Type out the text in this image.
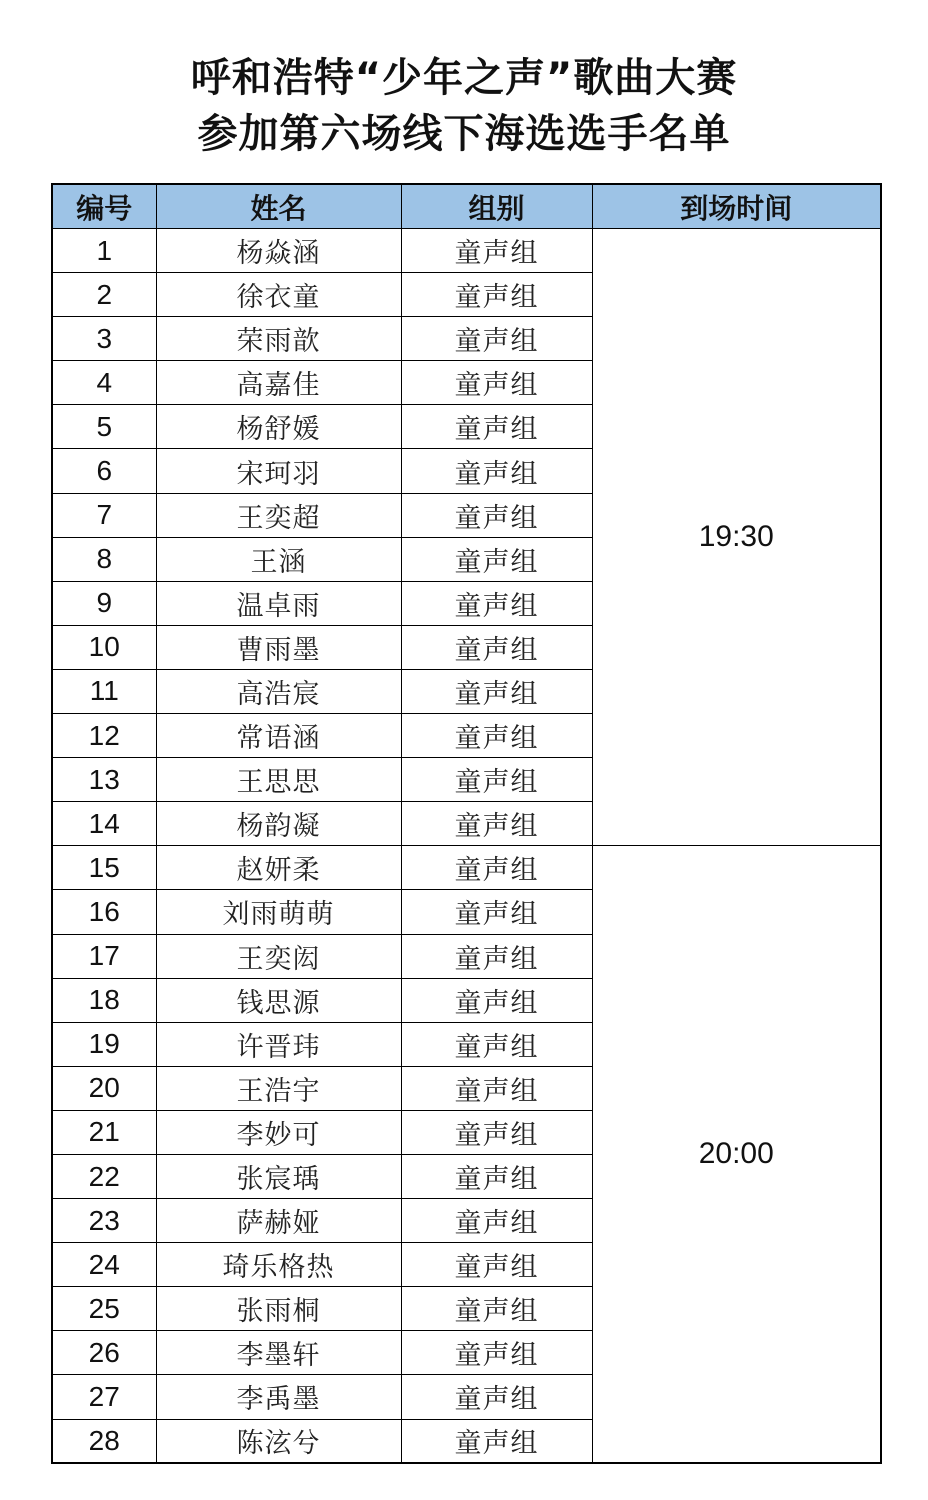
呼和浩特“少年之声”歌曲大赛
参加第六场线下海选选手名单
编号	姓名	组别	到场时间
1	杨焱涵	童声组	19:30
2	徐衣童	童声组	
3	荣雨歆	童声组	
4	高嘉佳	童声组	
5	杨舒媛	童声组	
6	宋珂羽	童声组	
7	王奕超	童声组	
8	王涵	童声组	
9	温卓雨	童声组	
10	曹雨墨	童声组	
11	高浩宸	童声组	
12	常语涵	童声组	
13	王思思	童声组	
14	杨韵凝	童声组	
15	赵妍柔	童声组	20:00
16	刘雨萌萌	童声组	
17	王奕闳	童声组	
18	钱思源	童声组	
19	许晋玮	童声组	
20	王浩宇	童声组	
21	李妙可	童声组	
22	张宸瑀	童声组	
23	萨赫娅	童声组	
24	琦乐格热	童声组	
25	张雨桐	童声组	
26	李墨轩	童声组	
27	李禹墨	童声组	
28	陈泫兮	童声组	
